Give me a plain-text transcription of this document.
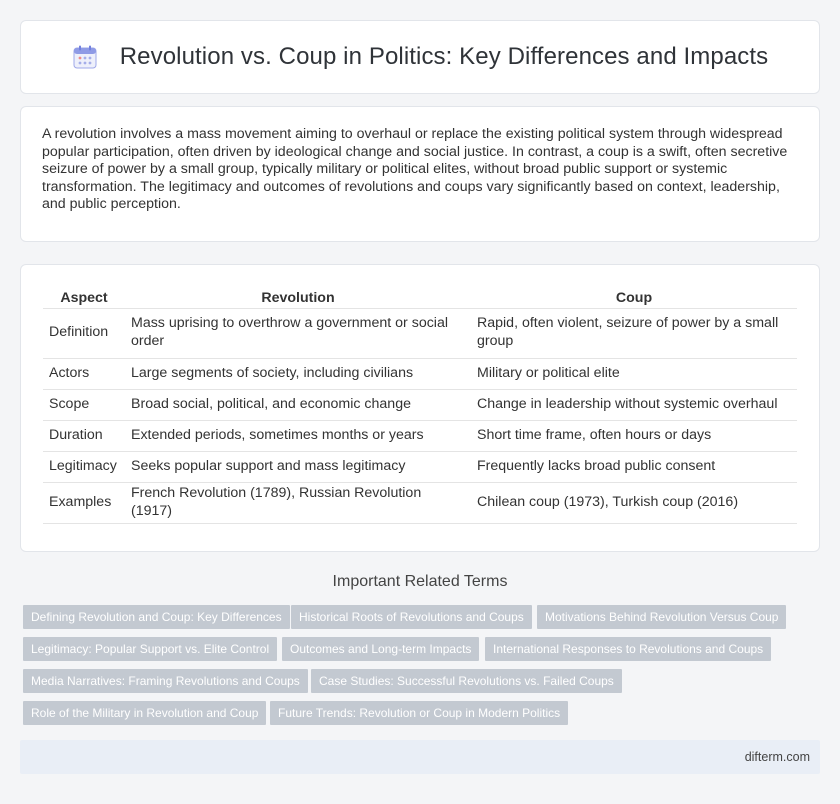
Revolution vs. Coup in Politics: Key Differences and Impacts

A revolution involves a mass movement aiming to overhaul or replace the existing political system through widespread popular participation, often driven by ideological change and social justice. In contrast, a coup is a swift, often secretive seizure of power by a small group, typically military or political elites, without broad public support or systemic transformation. The legitimacy and outcomes of revolutions and coups vary significantly based on context, leadership, and public perception.

Aspect	Revolution	Coup
Definition	Mass uprising to overthrow a government or social order	Rapid, often violent, seizure of power by a small group
Actors	Large segments of society, including civilians	Military or political elite
Scope	Broad social, political, and economic change	Change in leadership without systemic overhaul
Duration	Extended periods, sometimes months or years	Short time frame, often hours or days
Legitimacy	Seeks popular support and mass legitimacy	Frequently lacks broad public consent
Examples	French Revolution (1789), Russian Revolution (1917)	Chilean coup (1973), Turkish coup (2016)
Important Related Terms
Defining Revolution and Coup: Key Differences	Historical Roots of Revolutions and Coups	Motivations Behind Revolution Versus Coup
Legitimacy: Popular Support vs. Elite Control	Outcomes and Long-term Impacts	International Responses to Revolutions and Coups
Media Narratives: Framing Revolutions and Coups	Case Studies: Successful Revolutions vs. Failed Coups
Role of the Military in Revolution and Coup	Future Trends: Revolution or Coup in Modern Politics
difterm.com
